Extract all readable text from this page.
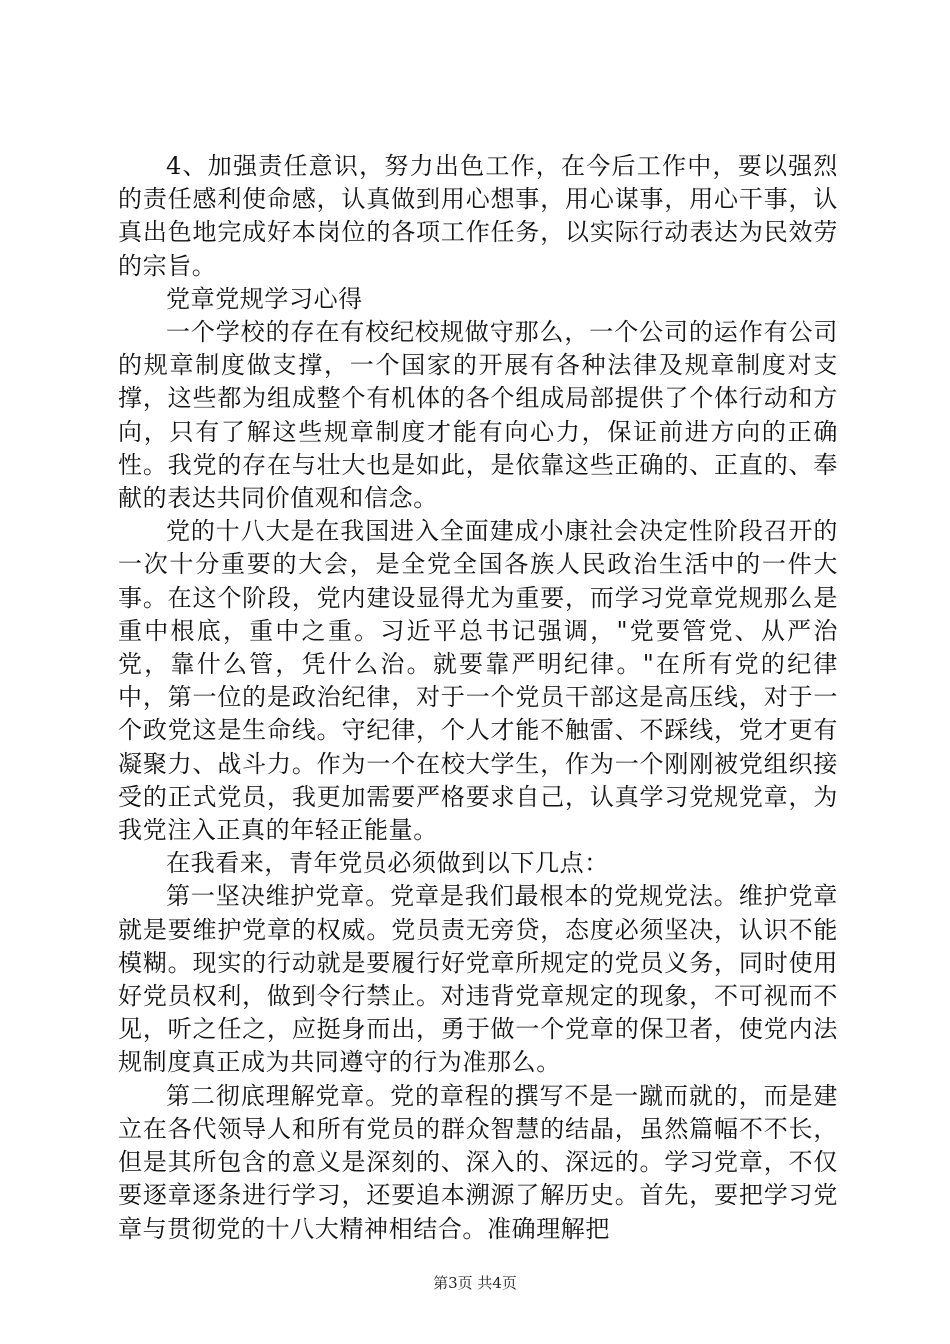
4、加强责任意识，努力出色工作，在今后工作中，要以强烈的责任感利使命感，认真做到用心想事，用心谋事，用心干事，认真出色地完成好本岗位的各项工作任务，以实际行动表达为民效劳的宗旨。

党章党规学习心得

一个学校的存在有校纪校规做守那么，一个公司的运作有公司的规章制度做支撑，一个国家的开展有各种法律及规章制度对支撑，这些都为组成整个有机体的各个组成局部提供了个体行动和方向，只有了解这些规章制度才能有向心力，保证前进方向的正确性。我党的存在与壮大也是如此，是依靠这些正确的、正直的、奉献的表达共同价值观和信念。

党的十八大是在我国进入全面建成小康社会决定性阶段召开的一次十分重要的大会，是全党全国各族人民政治生活中的一件大事。在这个阶段，党内建设显得尤为重要，而学习党章党规那么是重中根底，重中之重。习近平总书记强调，"党要管党、从严治党，靠什么管，凭什么治。就要靠严明纪律。"在所有党的纪律中，第一位的是政治纪律，对于一个党员干部这是高压线，对于一个政党这是生命线。守纪律，个人才能不触雷、不踩线，党才更有凝聚力、战斗力。作为一个在校大学生，作为一个刚刚被党组织接受的正式党员，我更加需要严格要求自己，认真学习党规党章，为我党注入正真的年轻正能量。

在我看来，青年党员必须做到以下几点：

第一坚决维护党章。党章是我们最根本的党规党法。维护党章就是要维护党章的权威。党员责无旁贷，态度必须坚决，认识不能模糊。现实的行动就是要履行好党章所规定的党员义务，同时使用好党员权利，做到令行禁止。对违背党章规定的现象，不可视而不见，听之任之，应挺身而出，勇于做一个党章的保卫者，使党内法规制度真正成为共同遵守的行为准那么。

第二彻底理解党章。党的章程的撰写不是一蹴而就的，而是建立在各代领导人和所有党员的群众智慧的结晶，虽然篇幅不不长，但是其所包含的意义是深刻的、深入的、深远的。学习党章，不仅要逐章逐条进行学习，还要追本溯源了解历史。首先，要把学习党章与贯彻党的十八大精神相结合。准确理解把

第3页 共4页
